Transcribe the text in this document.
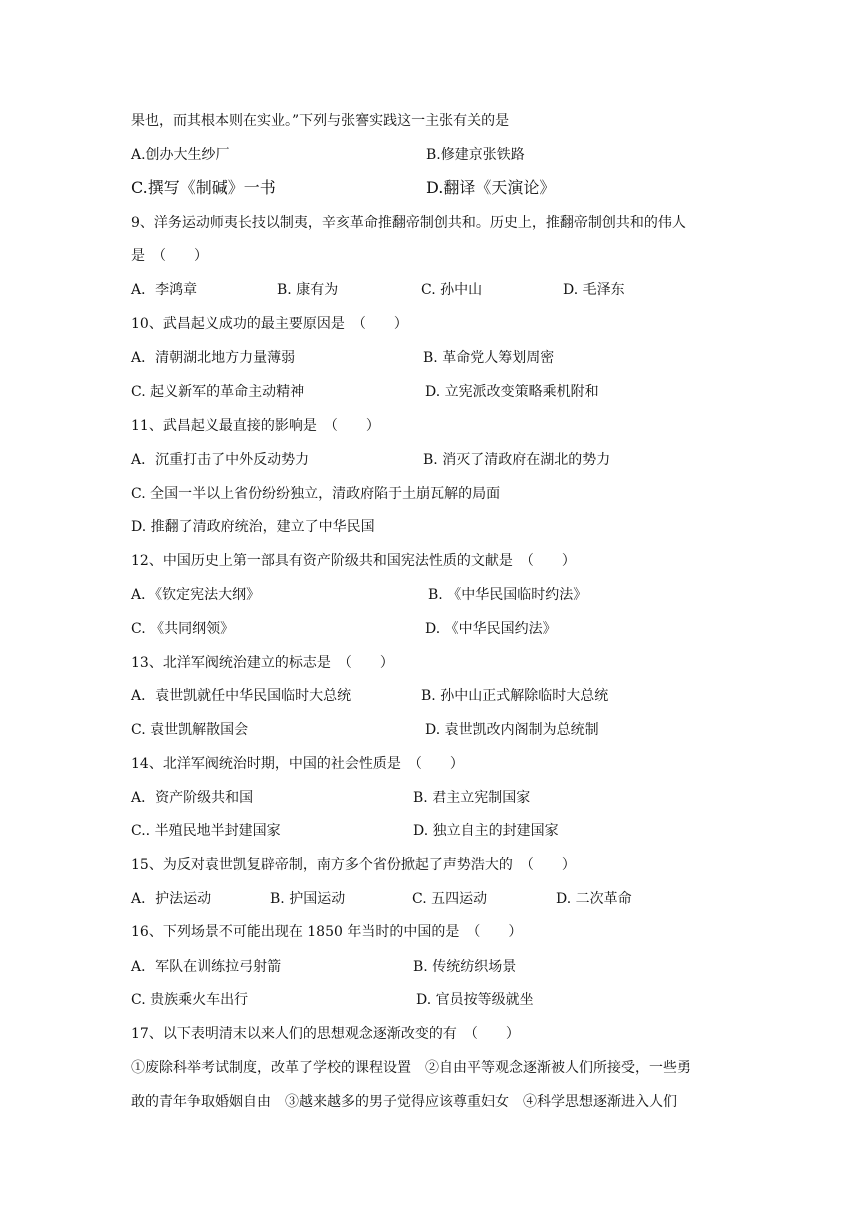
果也，而其根本则在实业。”下列与张謇实践这一主张有关的是
A.创办大生纱厂	B.修建京张铁路
C.撰写《制碱》一书	D.翻译《天演论》
9、洋务运动师夷长技以制夷，辛亥革命推翻帝制创共和。历史上，推翻帝制创共和的伟人
是　（　　）
A．李鸿章	B. 康有为	C. 孙中山	D. 毛泽东
10、武昌起义成功的最主要原因是　（　　）
A．清朝湖北地方力量薄弱	B. 革命党人筹划周密
C. 起义新军的革命主动精神	D. 立宪派改变策略乘机附和
11、武昌起义最直接的影响是　（　　）
A．沉重打击了中外反动势力	B. 消灭了清政府在湖北的势力
C. 全国一半以上省份纷纷独立，清政府陷于土崩瓦解的局面
D. 推翻了清政府统治，建立了中华民国
12、中国历史上第一部具有资产阶级共和国宪法性质的文献是　（　　）
A．《钦定宪法大纲》	B. 《中华民国临时约法》
C. 《共同纲领》	D. 《中华民国约法》
13、北洋军阀统治建立的标志是　（　　）
A．袁世凯就任中华民国临时大总统	B. 孙中山正式解除临时大总统
C. 袁世凯解散国会	D. 袁世凯改内阁制为总统制
14、北洋军阀统治时期，中国的社会性质是　（　　）
A．资产阶级共和国	B. 君主立宪制国家
C.. 半殖民地半封建国家	D. 独立自主的封建国家
15、为反对袁世凯复辟帝制，南方多个省份掀起了声势浩大的　（　　）
A．护法运动	B. 护国运动	C. 五四运动	D. 二次革命
16、下列场景不可能出现在 1850 年当时的中国的是　（　　）
A．军队在训练拉弓射箭	B. 传统纺织场景
C. 贵族乘火车出行	D. 官员按等级就坐
17、以下表明清末以来人们的思想观念逐渐改变的有　（　　）
①废除科举考试制度，改革了学校的课程设置　②自由平等观念逐渐被人们所接受，一些勇
敢的青年争取婚姻自由　③越来越多的男子觉得应该尊重妇女　④科学思想逐渐进入人们
